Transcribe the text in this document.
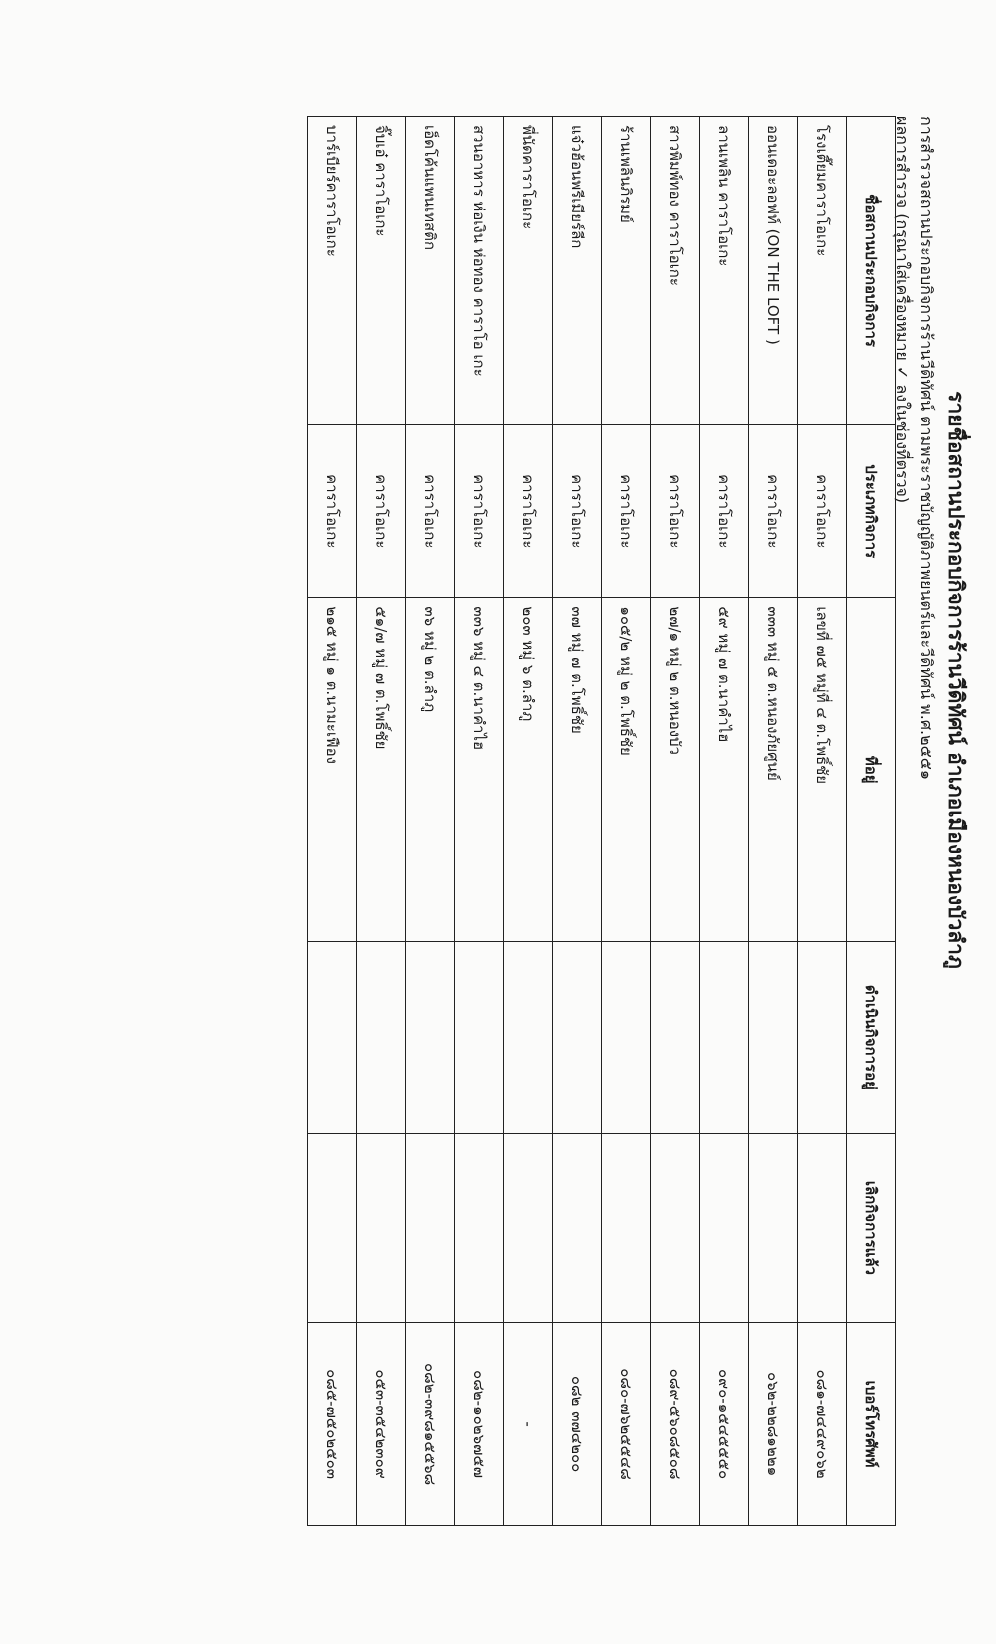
รายชื่อสถานประกอบกิจการร้านวีดิทัศน์ อำเภอเมืองหนองบัวลำภู
การสำรวจสถานประกอบกิจการร้านวีดิทัศน์ ตามพระราชบัญญัติภาพยนตร์และวีดิทัศน์ พ.ศ.๒๕๕๑
ผลการสำรวจ (กรุณาใส่เครื่องหมาย ✓ ลงในช่องที่ตรวจ)
ชื่อสถานประกอบกิจการ	ประเภทกิจการ	ที่อยู่	ดำเนินกิจการอยู่	เลิกกิจการแล้ว	เบอร์โทรศัพท์
โรงเตี๊ยมคาราโอเกะ	คาราโอเกะ	เลขที่ ๗๕ หมู่ที่ ๔ ต.โพธิ์ชัย			๐๘๑-๗๔๔๙๐๖๒
ออนเดอะลอฟท์ (ON THE LOFT )	คาราโอเกะ	๓๓๓ หมู่ ๕ ต.หนองภัยศูนย์			๐๖๒-๒๒๘๑๒๒๑
ลานเพลิน คาราโอเกะ	คาราโอเกะ	๕๙ หมู่ ๗ ต.นาคำไฮ			๐๙๐-๑๕๔๕๕๕๐
สาวพิมพ์ทอง คาราโอเกะ	คาราโอเกะ	๒๗/๑ หมู่ ๒ ต.หนองบัว			๐๘๙-๕๖๐๘๕๐๘
ร้านเพลินภิรมย์	คาราโอเกะ	๑๐๕/๒ หมู่ ๒ ต.โพธิ์ชัย			๐๘๐-๗๖๒๕๕๔๘
แจ๋วฮ้อนพรีเมียร์ลีก	คาราโอเกะ	๓๗ หมู่ ๗ ต.โพธิ์ชัย			๐๘๒ ๓๗๔๒๐๐
พี่นัดคาราโอเกะ	คาราโอเกะ	๒๐๓ หมู่ ๖ ต.ลำภู			-
สวนอาหาร ห่อเงิน ห่อทอง คาราโอ เกะ	คาราโอเกะ	๓๓๖ หมู่ ๔ ต.นาคำไฮ			๐๘๒-๑๐๒๖๗๕๗
เอ็ดโค้นแพนเทสติก	คาราโอเกะ	๓๖ หมู่ ๒ ต.ลำภู			๐๘๒-๓๙๘๑๕๕๖๘
จิ๊บเอ๋ คาราโอเกะ	คาราโอเกะ	๕๑/๗ หมู่ ๗ ต.โพธิ์ชัย			๐๕๓-๓๕๔๒๓๐๙
บาร์เบียร์คาราโอเกะ	คาราโอเกะ	๒๑๕ หมู่ ๑ ต.นามะเฟือง			๐๘๕-๗๕๐๒๕๐๓
